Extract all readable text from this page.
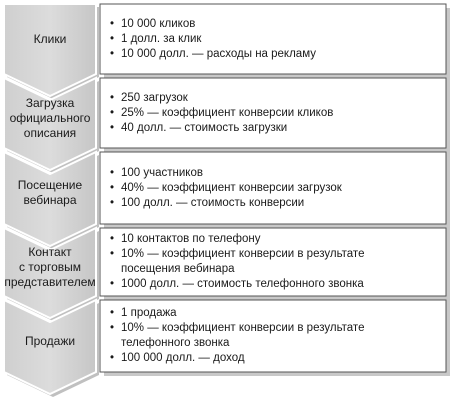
Клики
• 10 000 кликов
• 1 долл. за клик
• 10 000 долл. — расходы на рекламу
Загрузка
официального
описания
• 250 загрузок
• 25% — коэффициент конверсии кликов
• 40 долл. — стоимость загрузки
Посещение
вебинара
• 100 участников
• 40% — коэффициент конверсии загрузок
• 100 долл. — стоимость конверсии
Контакт
с торговым
представителем
• 10 контактов по телефону
• 10% — коэффициент конверсии в результате
посещения вебинара
• 1000 долл. — стоимость телефонного звонка
Продажи
• 1 продажа
• 10% — коэффициент конверсии в результате
телефонного звонка
• 100 000 долл. — доход
